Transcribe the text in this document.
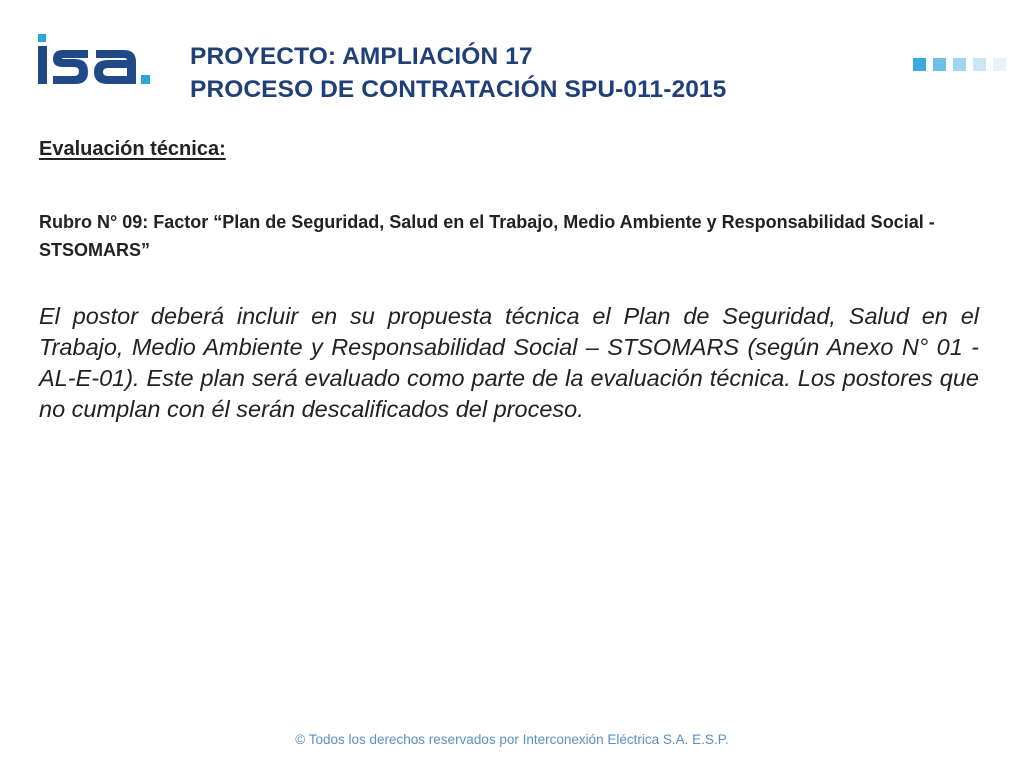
PROYECTO: AMPLIACIÓN 17
PROCESO DE CONTRATACIÓN SPU-011-2015
Evaluación técnica:
Rubro N° 09: Factor “Plan de Seguridad, Salud en el Trabajo, Medio Ambiente y Responsabilidad Social - STSOMARS”
El postor deberá incluir en su propuesta técnica el Plan de Seguridad, Salud en el Trabajo, Medio Ambiente y Responsabilidad Social – STSOMARS (según Anexo N° 01 - AL-E-01). Este plan será evaluado como parte de la evaluación técnica. Los postores que no cumplan con él serán descalificados del proceso.
© Todos los derechos reservados por Interconexión Eléctrica S.A. E.S.P.
